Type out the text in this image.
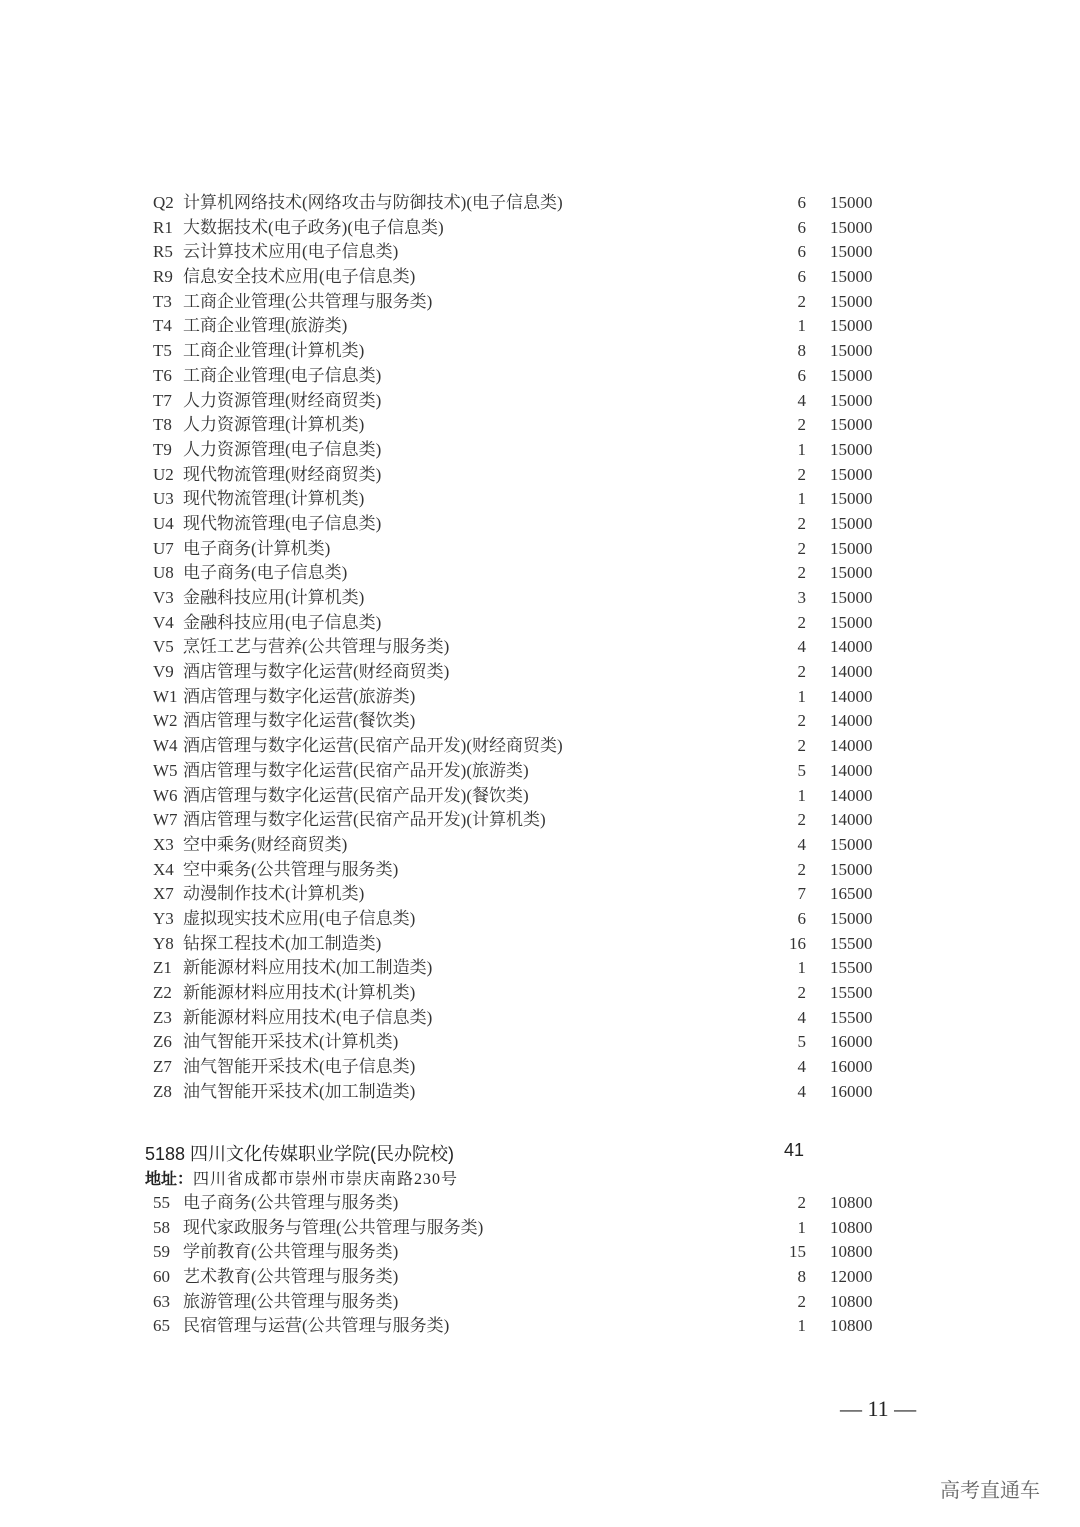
Q2 计算机网络技术(网络攻击与防御技术)(电子信息类)	6 15000
R1 大数据技术(电子政务)(电子信息类)	6 15000
R5 云计算技术应用(电子信息类)	6 15000
R9 信息安全技术应用(电子信息类)	6 15000
T3 工商企业管理(公共管理与服务类)	2 15000
T4 工商企业管理(旅游类)	1 15000
T5 工商企业管理(计算机类)	8 15000
T6 工商企业管理(电子信息类)	6 15000
T7 人力资源管理(财经商贸类)	4 15000
T8 人力资源管理(计算机类)	2 15000
T9 人力资源管理(电子信息类)	1 15000
U2 现代物流管理(财经商贸类)	2 15000
U3 现代物流管理(计算机类)	1 15000
U4 现代物流管理(电子信息类)	2 15000
U7 电子商务(计算机类)	2 15000
U8 电子商务(电子信息类)	2 15000
V3 金融科技应用(计算机类)	3 15000
V4 金融科技应用(电子信息类)	2 15000
V5 烹饪工艺与营养(公共管理与服务类)	4 14000
V9 酒店管理与数字化运营(财经商贸类)	2 14000
W1 酒店管理与数字化运营(旅游类)	1 14000
W2 酒店管理与数字化运营(餐饮类)	2 14000
W4 酒店管理与数字化运营(民宿产品开发)(财经商贸类)	2 14000
W5 酒店管理与数字化运营(民宿产品开发)(旅游类)	5 14000
W6 酒店管理与数字化运营(民宿产品开发)(餐饮类)	1 14000
W7 酒店管理与数字化运营(民宿产品开发)(计算机类)	2 14000
X3 空中乘务(财经商贸类)	4 15000
X4 空中乘务(公共管理与服务类)	2 15000
X7 动漫制作技术(计算机类)	7 16500
Y3 虚拟现实技术应用(电子信息类)	6 15000
Y8 钻探工程技术(加工制造类)	16 15500
Z1 新能源材料应用技术(加工制造类)	1 15500
Z2 新能源材料应用技术(计算机类)	2 15500
Z3 新能源材料应用技术(电子信息类)	4 15500
Z6 油气智能开采技术(计算机类)	5 16000
Z7 油气智能开采技术(电子信息类)	4 16000
Z8 油气智能开采技术(加工制造类)	4 16000
5188 四川文化传媒职业学院(民办院校)	41
地址：四川省成都市崇州市崇庆南路230号
55 电子商务(公共管理与服务类)	2 10800
58 现代家政服务与管理(公共管理与服务类)	1 10800
59 学前教育(公共管理与服务类)	15 10800
60 艺术教育(公共管理与服务类)	8 12000
63 旅游管理(公共管理与服务类)	2 10800
65 民宿管理与运营(公共管理与服务类)	1 10800
— 11 —
高考直通车
